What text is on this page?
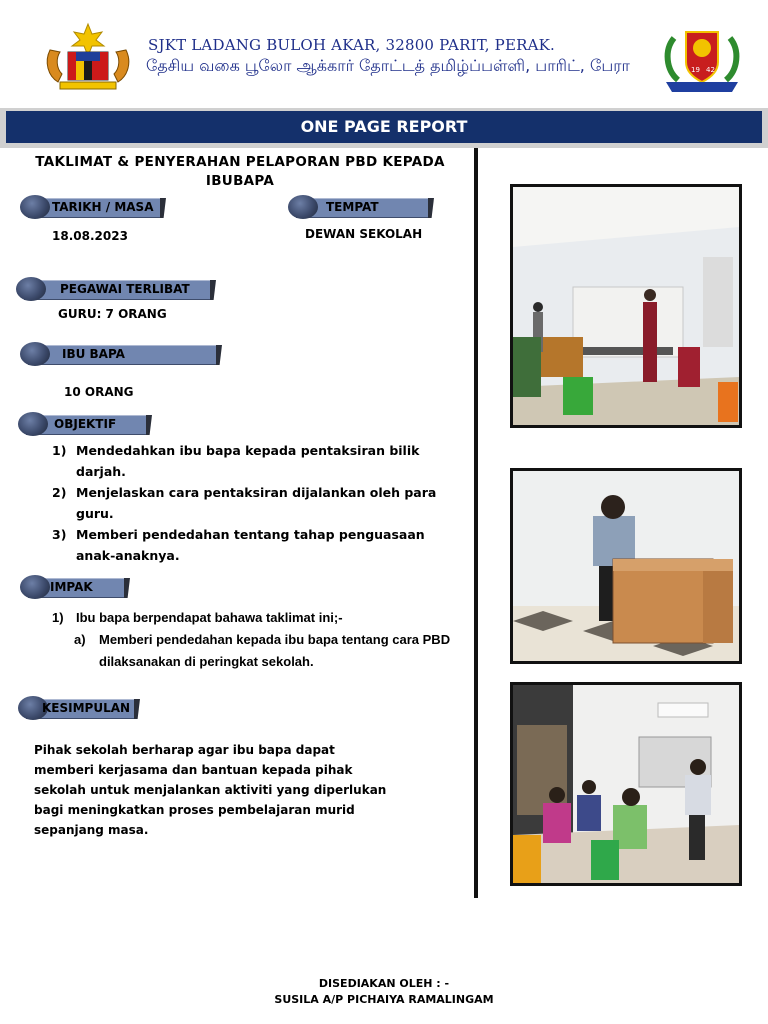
SJKT LADANG BULOH AKAR, 32800 PARIT, PERAK.
தேசிய வகை பூலோ ஆக்கார் தோட்டத் தமிழ்ப்பள்ளி, பாரிட், பேரா	19 42
ONE PAGE REPORT
TAKLIMAT & PENYERAHAN PELAPORAN PBD KEPADA IBUBAPA
TARIKH / MASA
18.08.2023
TEMPAT
DEWAN SEKOLAH
PEGAWAI TERLIBAT
GURU: 7 ORANG
IBU BAPA
10 ORANG
OBJEKTIF
1) Mendedahkan ibu bapa kepada pentaksiran bilik darjah.
2) Menjelaskan cara pentaksiran dijalankan oleh para guru.
3) Memberi pendedahan tentang tahap penguasaan anak-anaknya.
IMPAK
1) Ibu bapa berpendapat bahawa taklimat ini;-
a) Memberi pendedahan kepada ibu bapa tentang cara PBD dilaksanakan di peringkat sekolah.
KESIMPULAN
Pihak sekolah berharap agar ibu bapa dapat memberi kerjasama dan bantuan kepada pihak sekolah untuk menjalankan aktiviti yang diperlukan bagi meningkatkan proses pembelajaran murid sepanjang masa.
DISEDIAKAN OLEH : -
SUSILA A/P PICHAIYA RAMALINGAM
